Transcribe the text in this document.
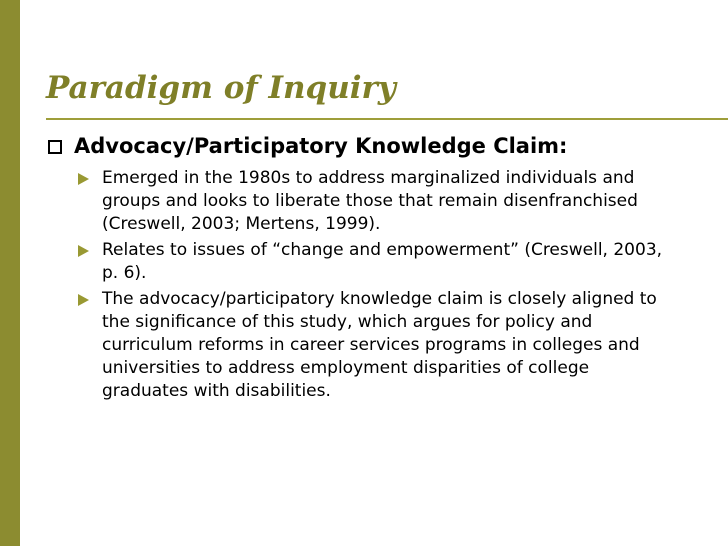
Paradigm of Inquiry
Advocacy/Participatory Knowledge Claim:
Emerged in the 1980s to address marginalized individuals and groups and looks to liberate those that remain disenfranchised (Creswell, 2003; Mertens, 1999).
Relates to issues of “change and empowerment” (Creswell, 2003, p. 6).
The advocacy/participatory knowledge claim is closely aligned to the significance of this study, which argues for policy and curriculum reforms in career services programs in colleges and universities to address employment disparities of college graduates with disabilities.
